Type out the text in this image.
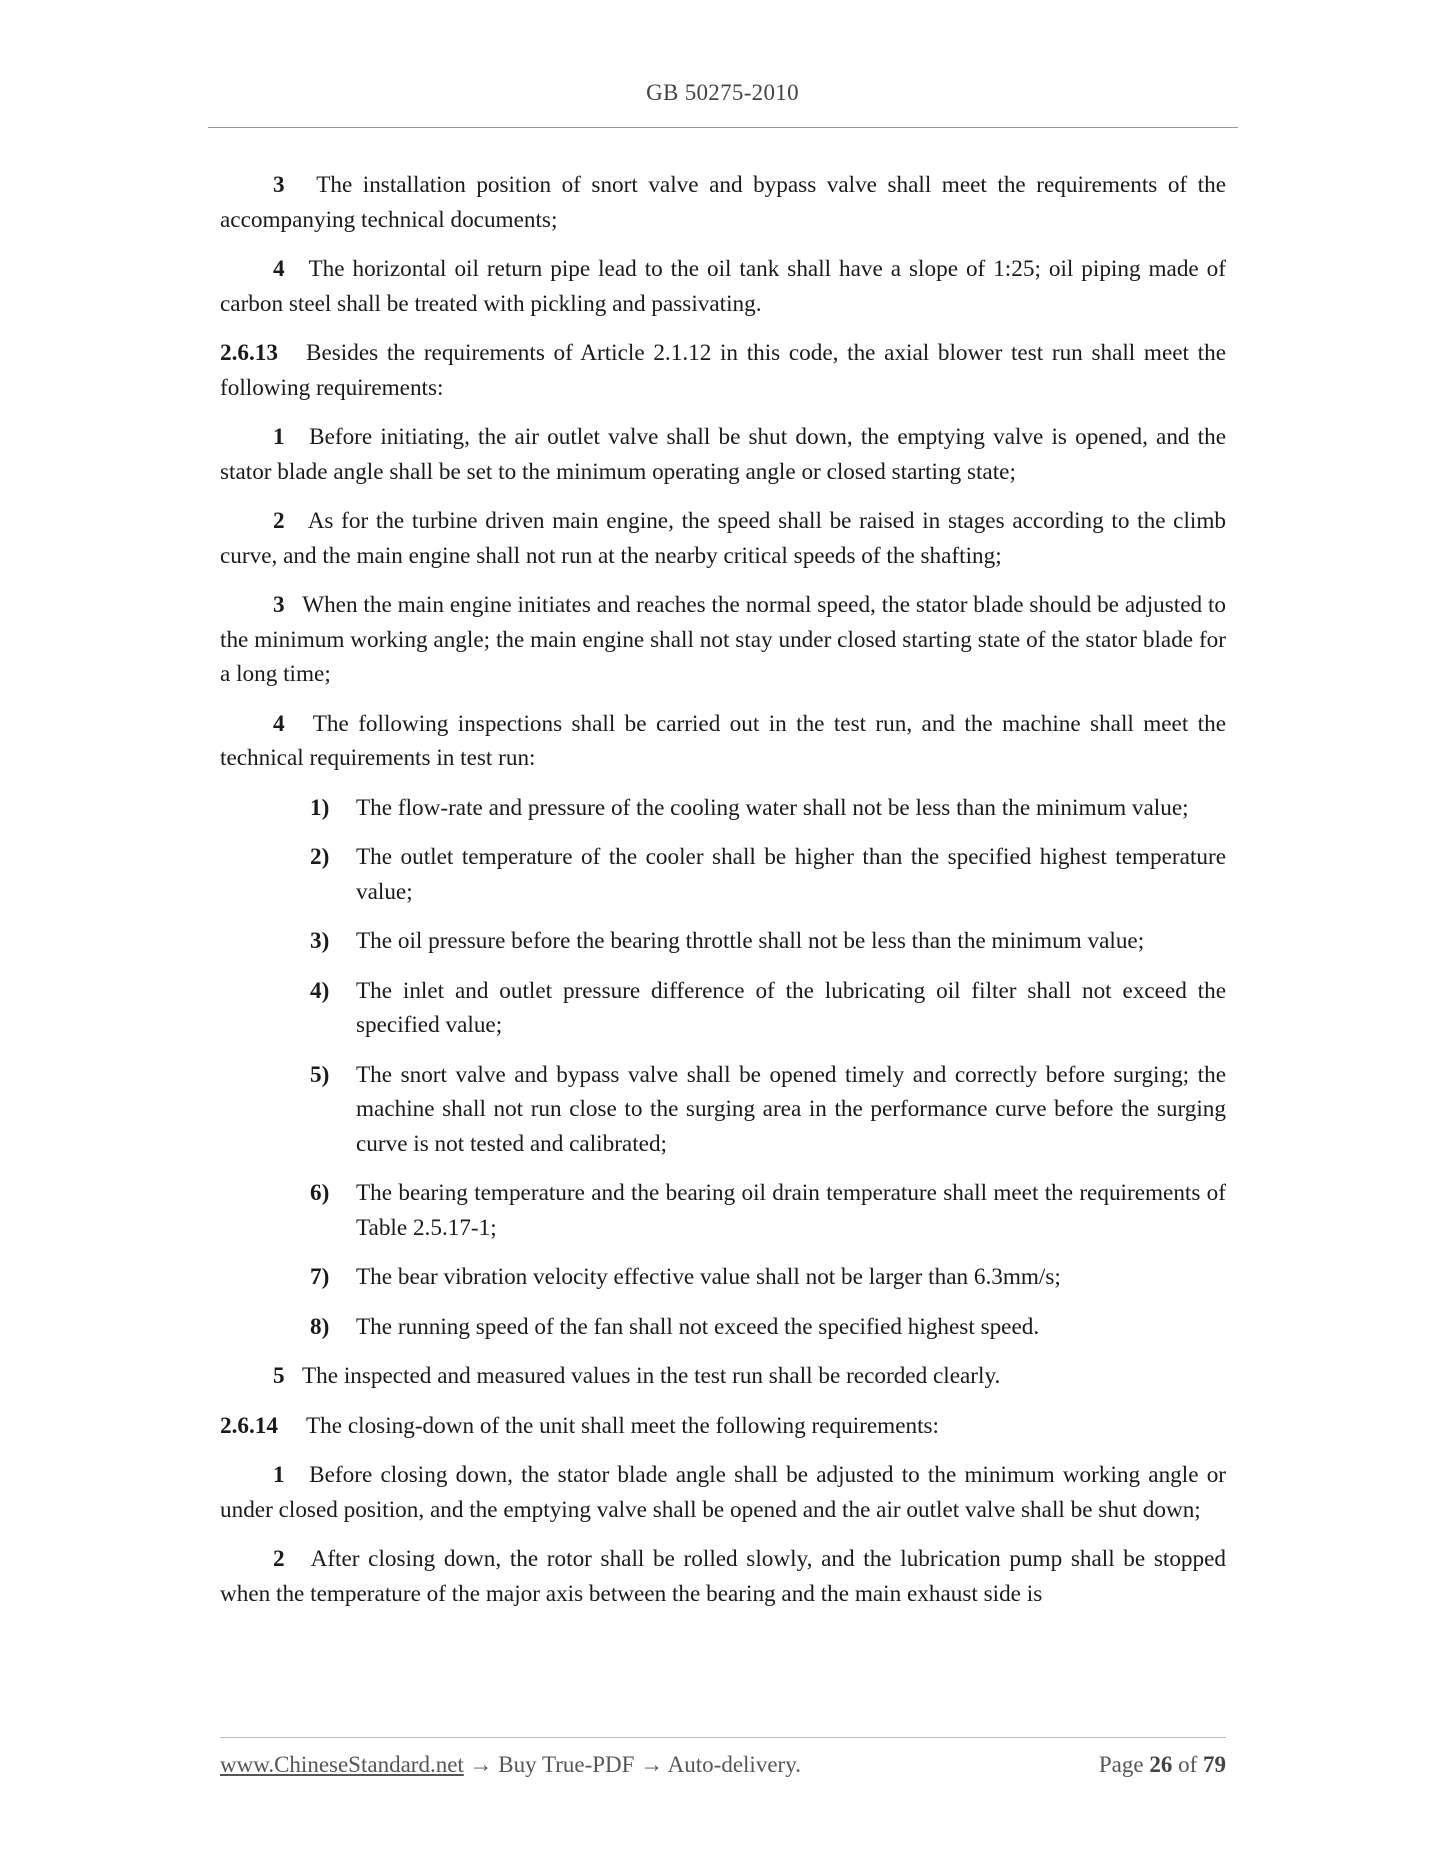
GB 50275-2010

3 The installation position of snort valve and bypass valve shall meet the requirements of the accompanying technical documents;

4 The horizontal oil return pipe lead to the oil tank shall have a slope of 1:25; oil piping made of carbon steel shall be treated with pickling and passivating.

2.6.13 Besides the requirements of Article 2.1.12 in this code, the axial blower test run shall meet the following requirements:

1 Before initiating, the air outlet valve shall be shut down, the emptying valve is opened, and the stator blade angle shall be set to the minimum operating angle or closed starting state;

2 As for the turbine driven main engine, the speed shall be raised in stages according to the climb curve, and the main engine shall not run at the nearby critical speeds of the shafting;

3 When the main engine initiates and reaches the normal speed, the stator blade should be adjusted to the minimum working angle; the main engine shall not stay under closed starting state of the stator blade for a long time;

4 The following inspections shall be carried out in the test run, and the machine shall meet the technical requirements in test run:

1)	The flow-rate and pressure of the cooling water shall not be less than the minimum value;
2)	The outlet temperature of the cooler shall be higher than the specified highest temperature value;
3)	The oil pressure before the bearing throttle shall not be less than the minimum value;
4)	The inlet and outlet pressure difference of the lubricating oil filter shall not exceed the specified value;
5)	The snort valve and bypass valve shall be opened timely and correctly before surging; the machine shall not run close to the surging area in the performance curve before the surging curve is not tested and calibrated;
6)	The bearing temperature and the bearing oil drain temperature shall meet the requirements of Table 2.5.17-1;
7)	The bear vibration velocity effective value shall not be larger than 6.3mm/s;
8)	The running speed of the fan shall not exceed the specified highest speed.

5 The inspected and measured values in the test run shall be recorded clearly.

2.6.14 The closing-down of the unit shall meet the following requirements:

1 Before closing down, the stator blade angle shall be adjusted to the minimum working angle or under closed position, and the emptying valve shall be opened and the air outlet valve shall be shut down;

2 After closing down, the rotor shall be rolled slowly, and the lubrication pump shall be stopped when the temperature of the major axis between the bearing and the main exhaust side is

www.ChineseStandard.net → Buy True-PDF → Auto-delivery.	Page 26 of 79
